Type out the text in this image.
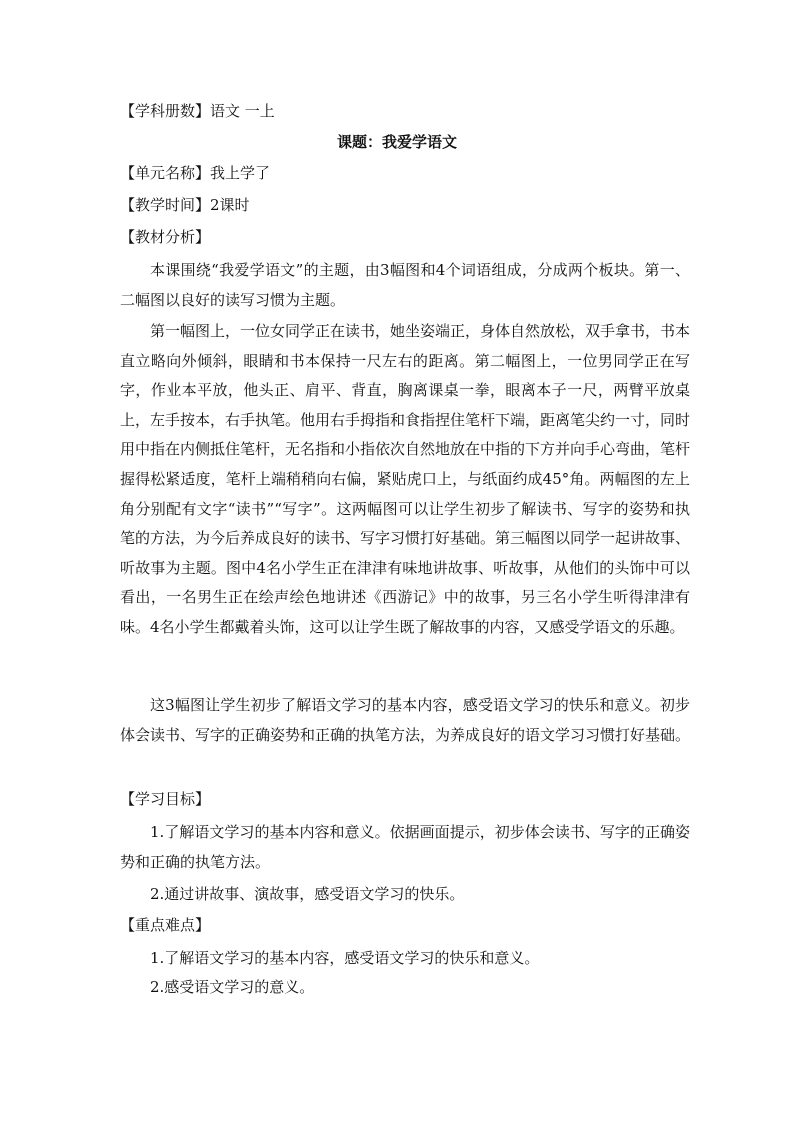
【学科册数】语文 一上
课题：我爱学语文
【单元名称】我上学了
【教学时间】2课时
【教材分析】

本课围绕“我爱学语文”的主题，由3幅图和4个词语组成，分成两个板块。第一、二幅图以良好的读写习惯为主题。

第一幅图上，一位女同学正在读书，她坐姿端正，身体自然放松，双手拿书，书本直立略向外倾斜，眼睛和书本保持一尺左右的距离。第二幅图上，一位男同学正在写字，作业本平放，他头正、肩平、背直，胸离课桌一拳，眼离本子一尺，两臂平放桌上，左手按本，右手执笔。他用右手拇指和食指捏住笔杆下端，距离笔尖约一寸，同时用中指在内侧抵住笔杆，无名指和小指依次自然地放在中指的下方并向手心弯曲，笔杆握得松紧适度，笔杆上端稍稍向右偏，紧贴虎口上，与纸面约成45°角。两幅图的左上角分别配有文字“读书”“写字”。这两幅图可以让学生初步了解读书、写字的姿势和执笔的方法，为今后养成良好的读书、写字习惯打好基础。第三幅图以同学一起讲故事、听故事为主题。图中4名小学生正在津津有味地讲故事、听故事，从他们的头饰中可以看出，一名男生正在绘声绘色地讲述《西游记》中的故事，另三名小学生听得津津有味。4名小学生都戴着头饰，这可以让学生既了解故事的内容，又感受学语文的乐趣。

这3幅图让学生初步了解语文学习的基本内容，感受语文学习的快乐和意义。初步体会读书、写字的正确姿势和正确的执笔方法，为养成良好的语文学习习惯打好基础。

【学习目标】

1.了解语文学习的基本内容和意义。依据画面提示，初步体会读书、写字的正确姿势和正确的执笔方法。

2.通过讲故事、演故事，感受语文学习的快乐。

【重点难点】

1.了解语文学习的基本内容，感受语文学习的快乐和意义。

2.感受语文学习的意义。
